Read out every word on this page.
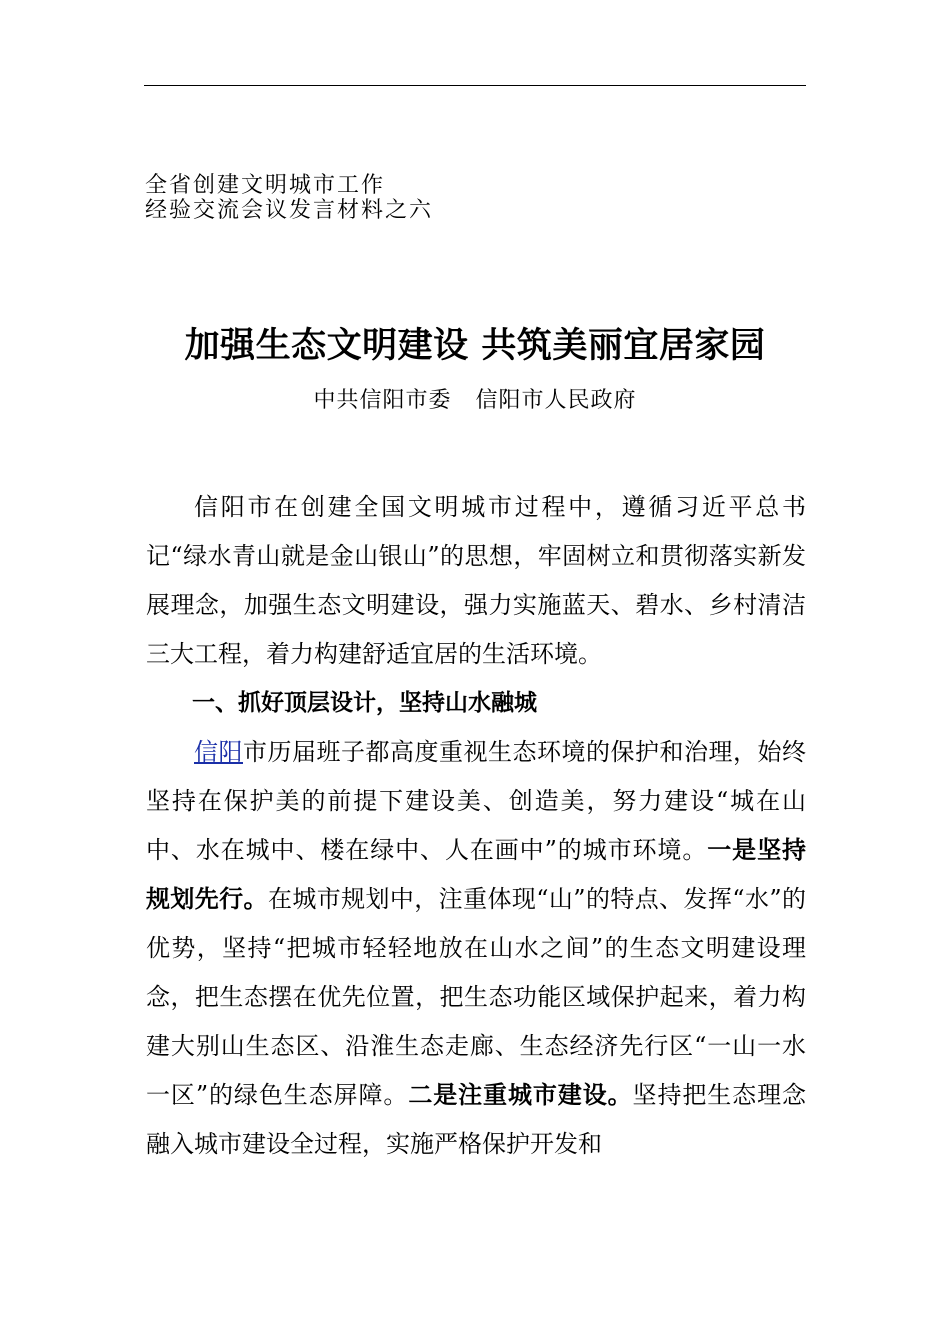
全省创建文明城市工作
经验交流会议发言材料之六
加强生态文明建设 共筑美丽宜居家园
中共信阳市委   信阳市人民政府

信阳市在创建全国文明城市过程中，遵循习近平总书记“绿水青山就是金山银山”的思想，牢固树立和贯彻落实新发展理念，加强生态文明建设，强力实施蓝天、碧水、乡村清洁三大工程，着力构建舒适宜居的生活环境。

一、抓好顶层设计，坚持山水融城

信阳市历届班子都高度重视生态环境的保护和治理，始终坚持在保护美的前提下建设美、创造美，努力建设“城在山中、水在城中、楼在绿中、人在画中”的城市环境。一是坚持规划先行。在城市规划中，注重体现“山”的特点、发挥“水”的优势，坚持“把城市轻轻地放在山水之间”的生态文明建设理念，把生态摆在优先位置，把生态功能区域保护起来，着力构建大别山生态区、沿淮生态走廊、生态经济先行区“一山一水一区”的绿色生态屏障。二是注重城市建设。坚持把生态理念融入城市建设全过程，实施严格保护开发和
